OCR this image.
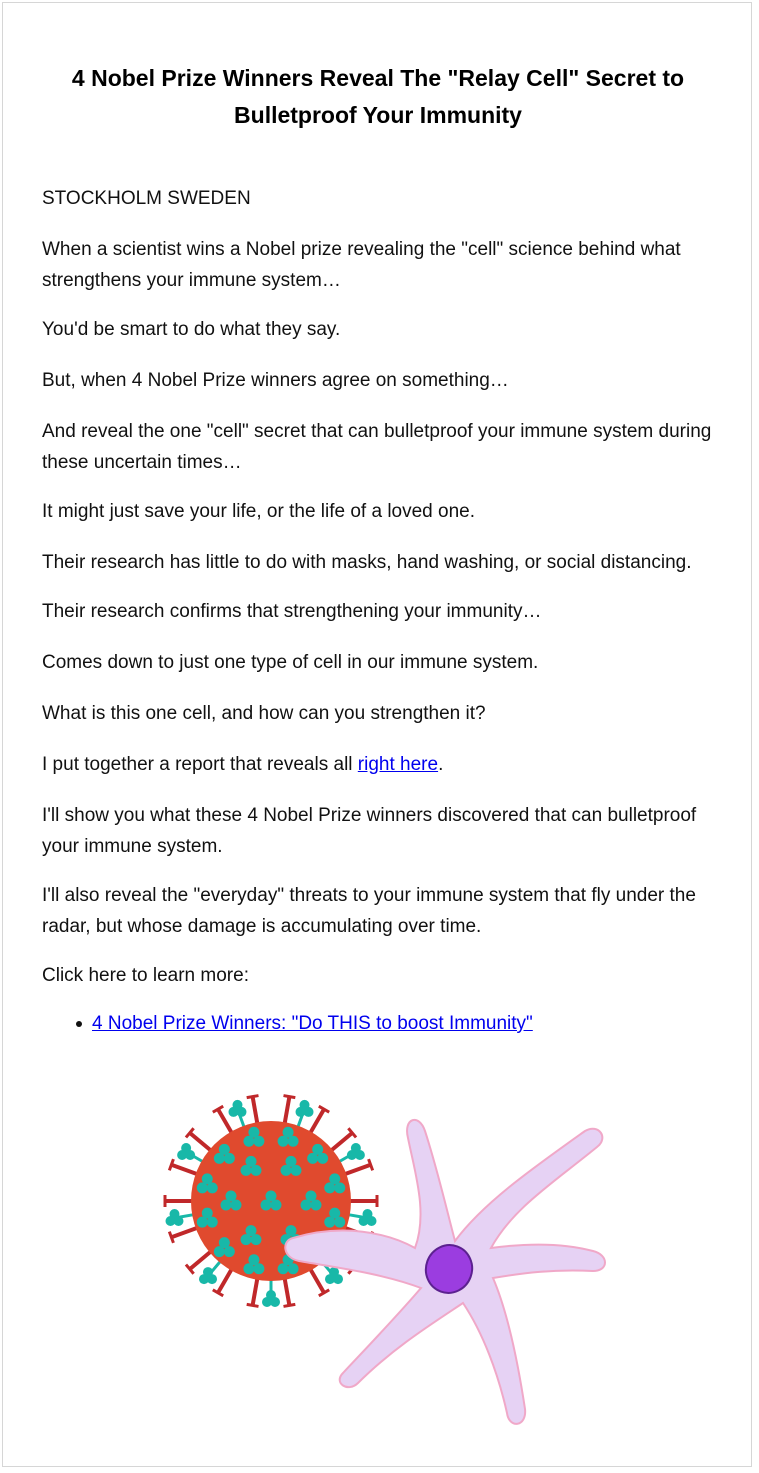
4 Nobel Prize Winners Reveal The "Relay Cell" Secret to
Bulletproof Your Immunity

STOCKHOLM SWEDEN

When a scientist wins a Nobel prize revealing the "cell" science behind what strengthens your immune system…

You'd be smart to do what they say.

But, when 4 Nobel Prize winners agree on something…

And reveal the one "cell" secret that can bulletproof your immune system during these uncertain times…

It might just save your life, or the life of a loved one.

Their research has little to do with masks, hand washing, or social distancing.

Their research confirms that strengthening your immunity…

Comes down to just one type of cell in our immune system.

What is this one cell, and how can you strengthen it?

I put together a report that reveals all right here.

I'll show you what these 4 Nobel Prize winners discovered that can bulletproof your immune system.

I'll also reveal the "everyday" threats to your immune system that fly under the radar, but whose damage is accumulating over time.

Click here to learn more:

4 Nobel Prize Winners: "Do THIS to boost Immunity"
